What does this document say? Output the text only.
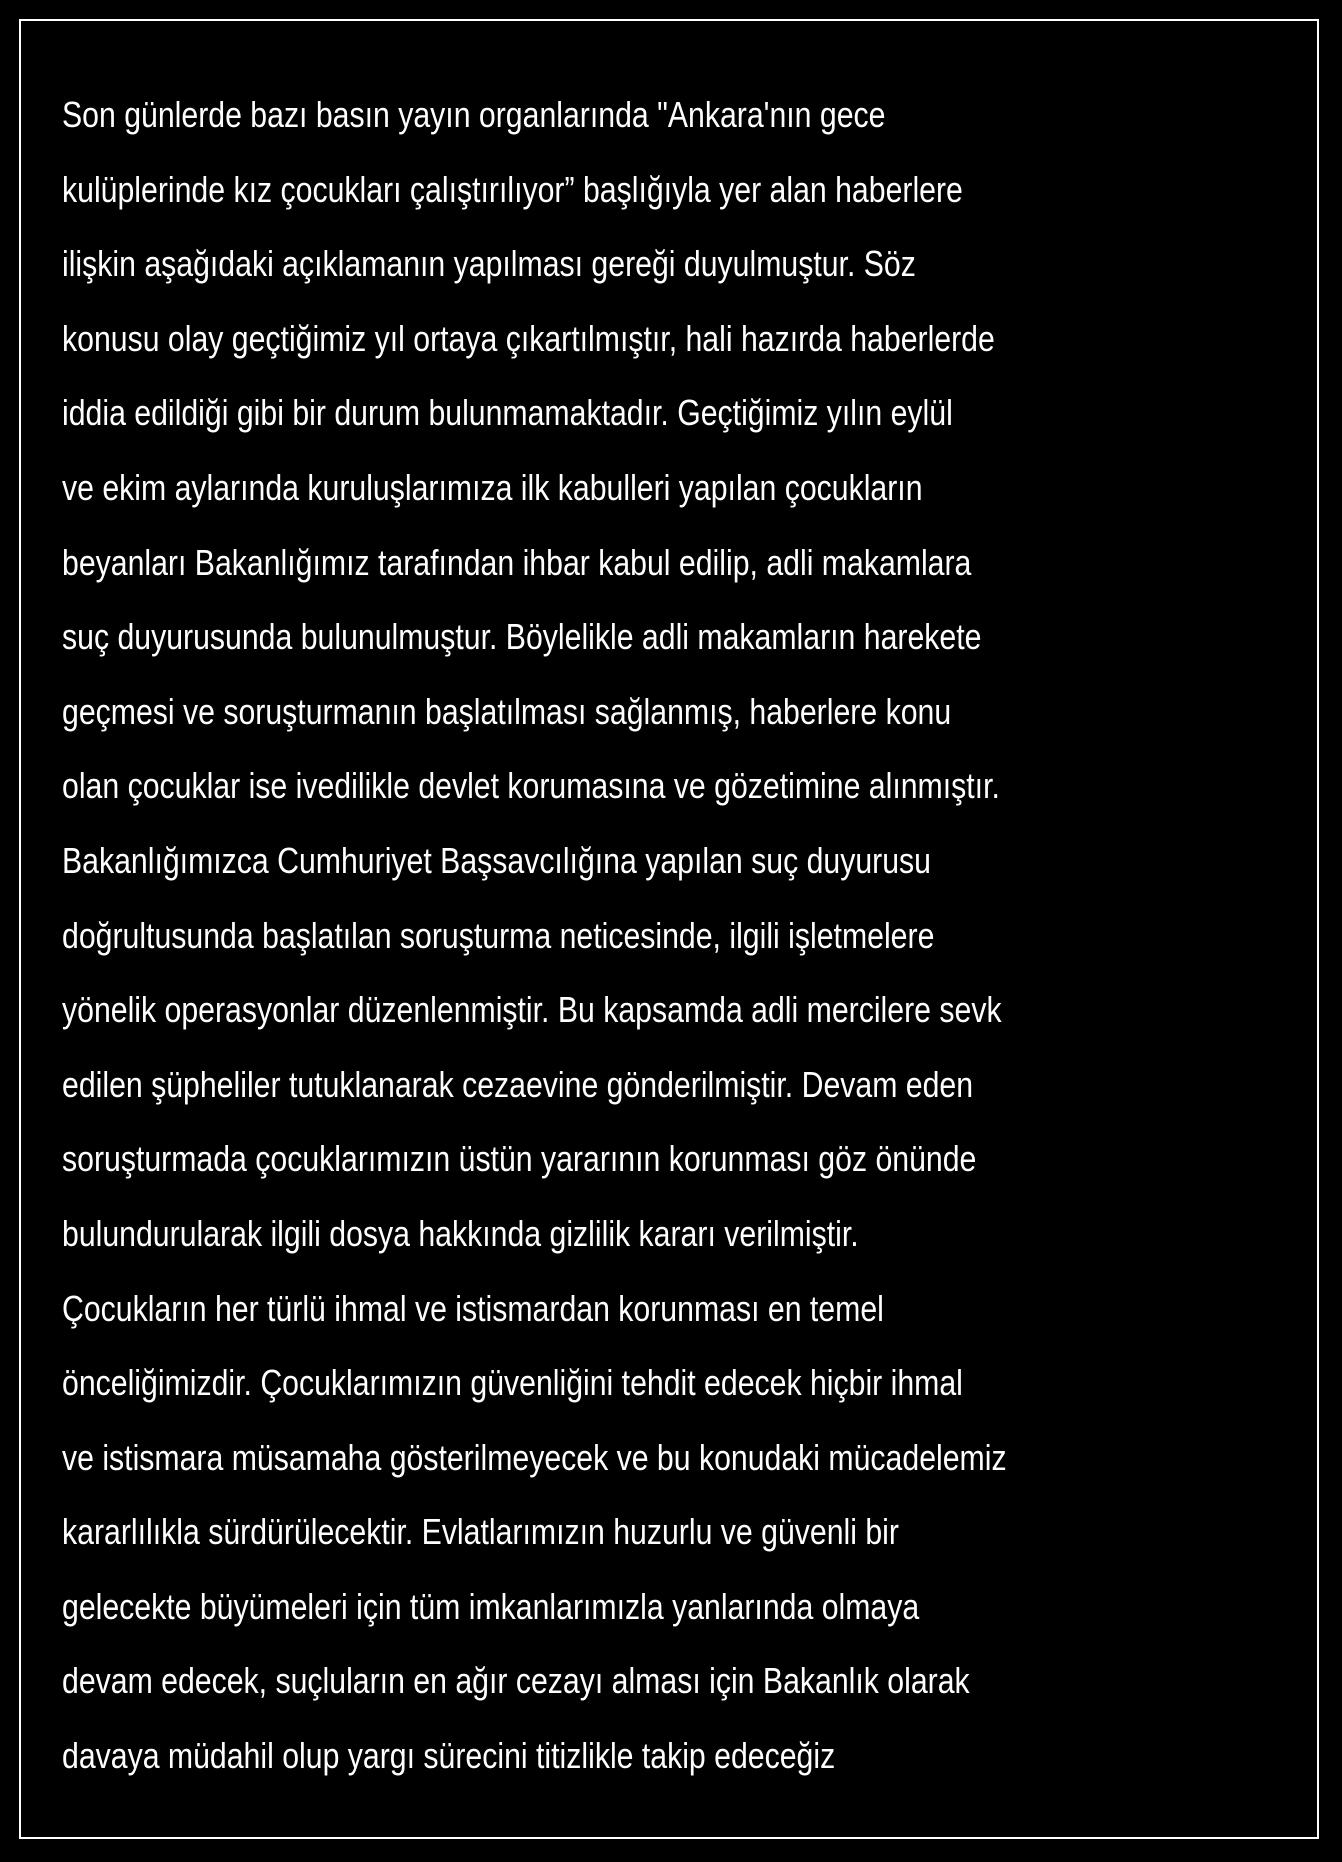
Son günlerde bazı basın yayın organlarında "Ankara'nın gece
kulüplerinde kız çocukları çalıştırılıyor” başlığıyla yer alan haberlere
ilişkin aşağıdaki açıklamanın yapılması gereği duyulmuştur. Söz
konusu olay geçtiğimiz yıl ortaya çıkartılmıştır, hali hazırda haberlerde
iddia edildiği gibi bir durum bulunmamaktadır. Geçtiğimiz yılın eylül
ve ekim aylarında kuruluşlarımıza ilk kabulleri yapılan çocukların
beyanları Bakanlığımız tarafından ihbar kabul edilip, adli makamlara
suç duyurusunda bulunulmuştur. Böylelikle adli makamların harekete
geçmesi ve soruşturmanın başlatılması sağlanmış, haberlere konu
olan çocuklar ise ivedilikle devlet korumasına ve gözetimine alınmıştır.
Bakanlığımızca Cumhuriyet Başsavcılığına yapılan suç duyurusu
doğrultusunda başlatılan soruşturma neticesinde, ilgili işletmelere
yönelik operasyonlar düzenlenmiştir. Bu kapsamda adli mercilere sevk
edilen şüpheliler tutuklanarak cezaevine gönderilmiştir. Devam eden
soruşturmada çocuklarımızın üstün yararının korunması göz önünde
bulundurularak ilgili dosya hakkında gizlilik kararı verilmiştir.
Çocukların her türlü ihmal ve istismardan korunması en temel
önceliğimizdir. Çocuklarımızın güvenliğini tehdit edecek hiçbir ihmal
ve istismara müsamaha gösterilmeyecek ve bu konudaki mücadelemiz
kararlılıkla sürdürülecektir. Evlatlarımızın huzurlu ve güvenli bir
gelecekte büyümeleri için tüm imkanlarımızla yanlarında olmaya
devam edecek, suçluların en ağır cezayı alması için Bakanlık olarak
davaya müdahil olup yargı sürecini titizlikle takip edeceğiz
